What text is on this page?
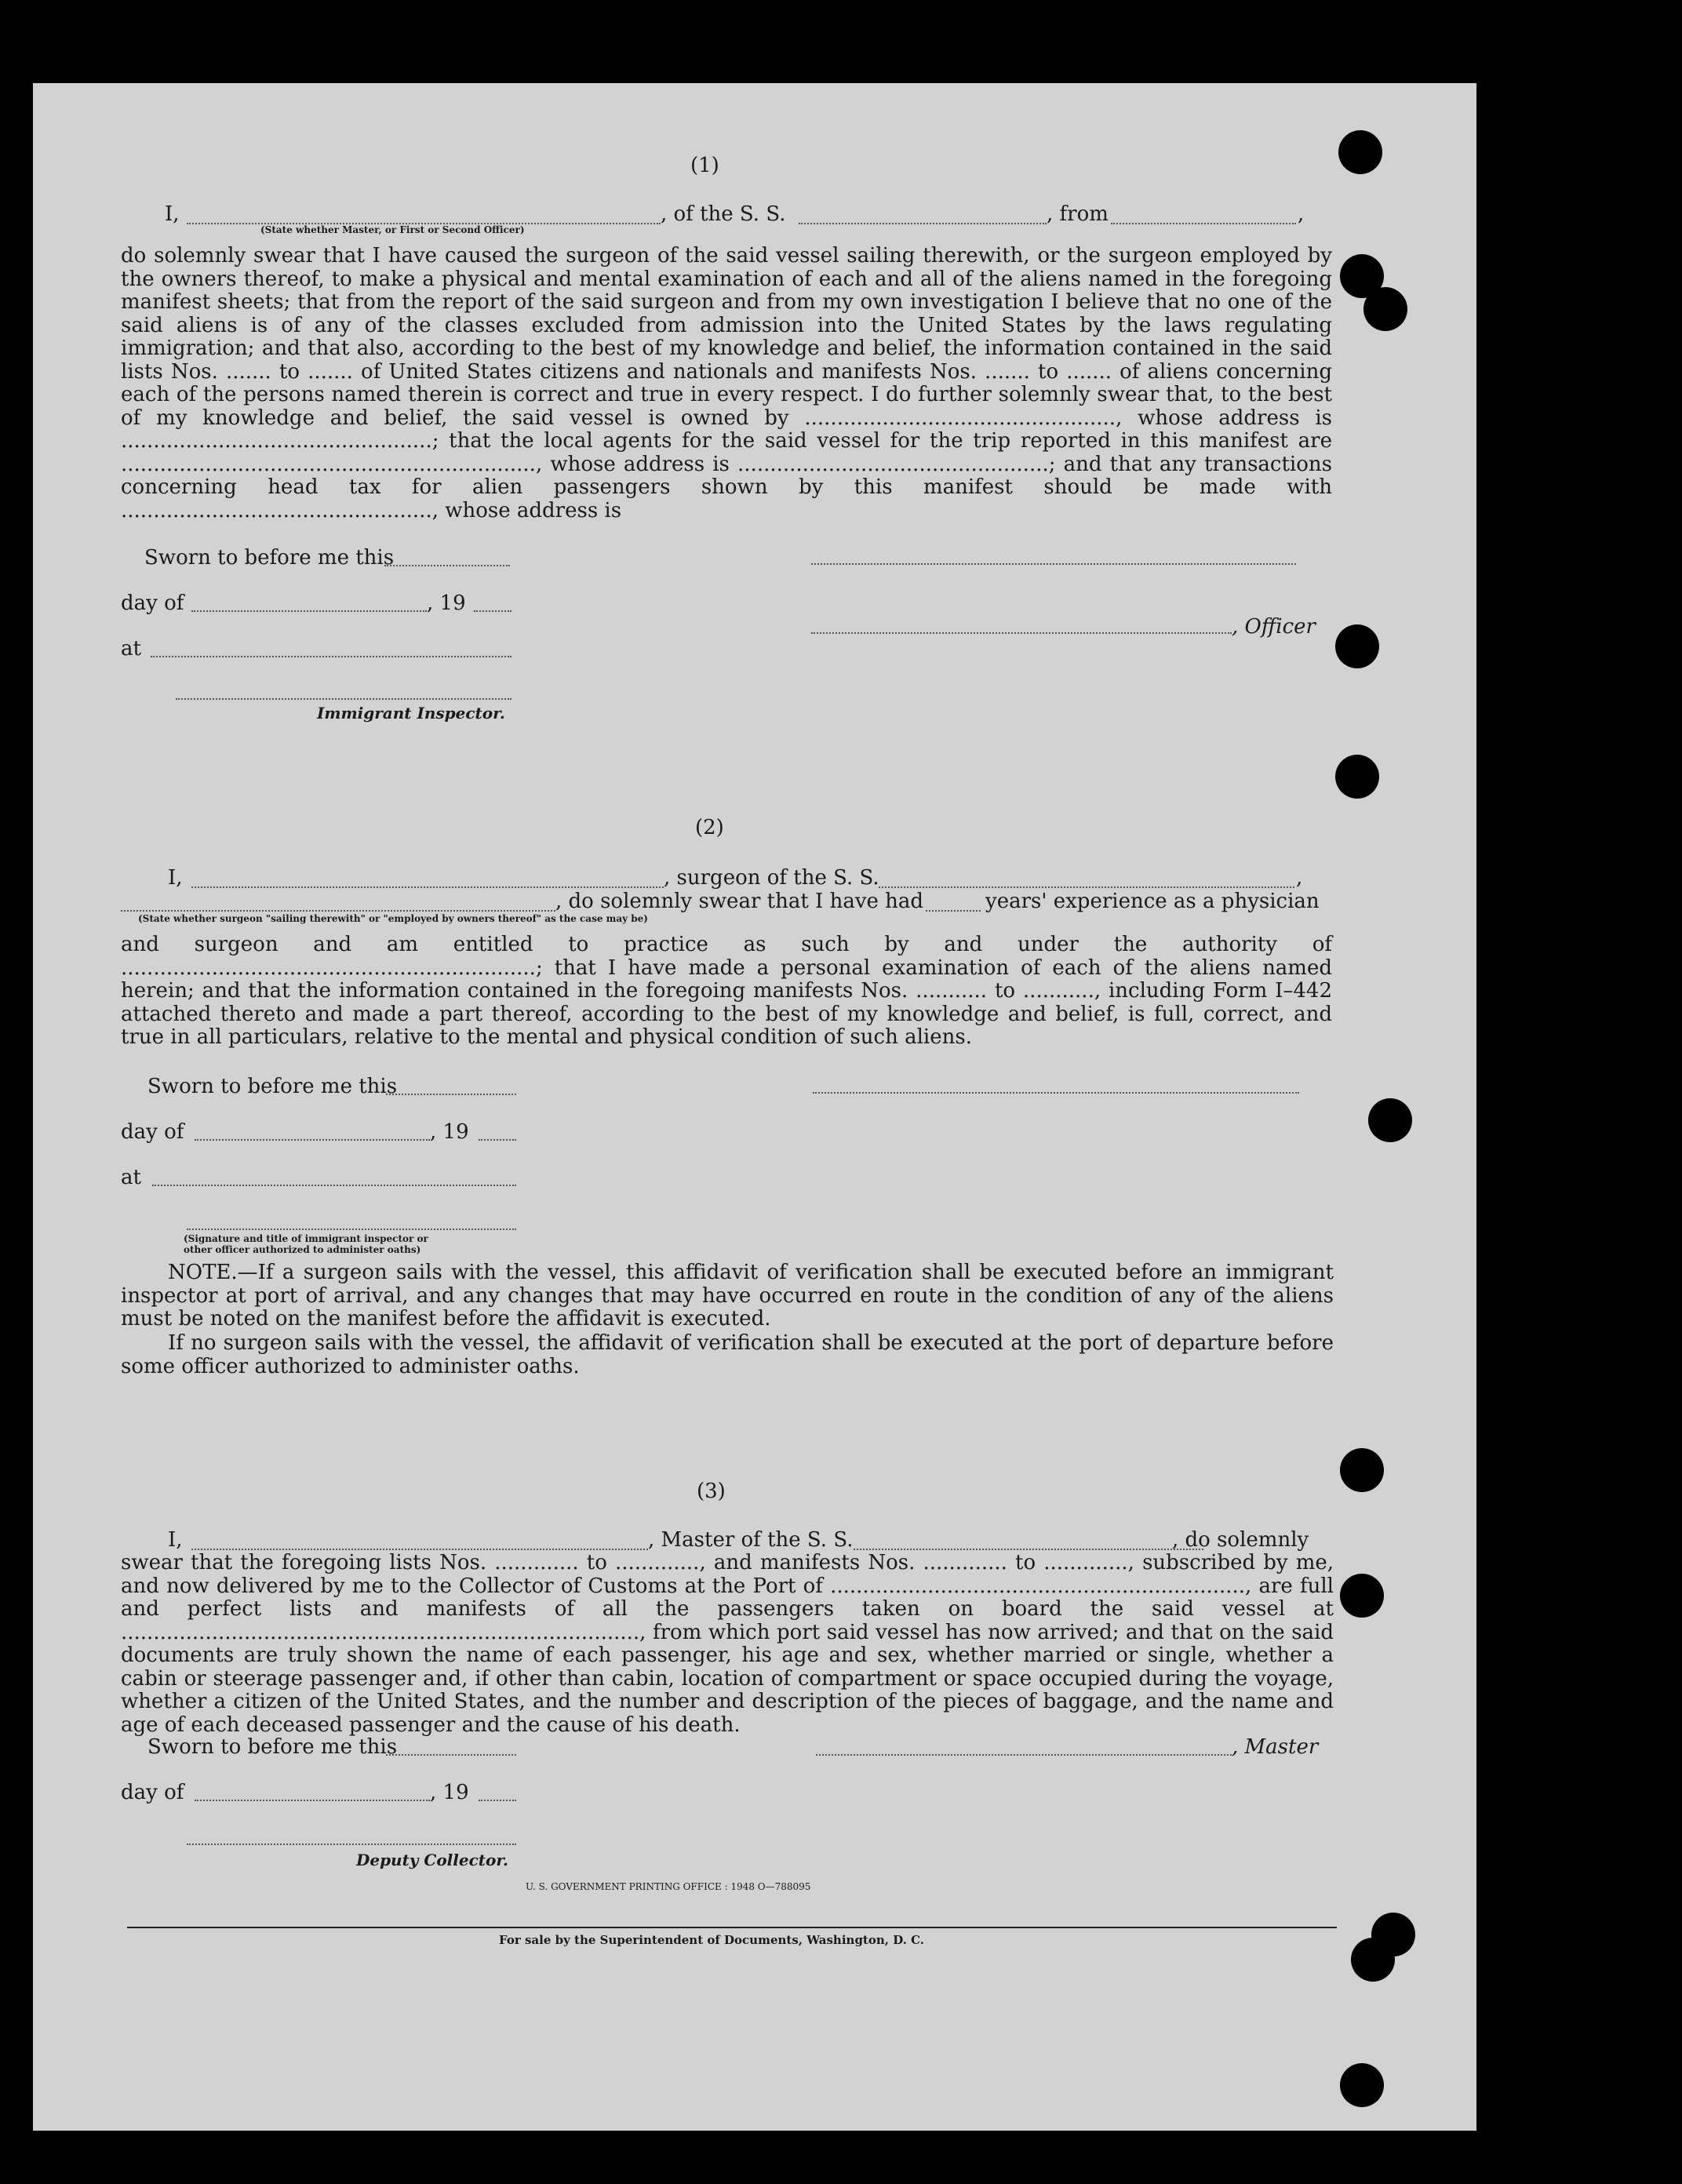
(1)
I,	, of the S. S.	, from	,
(State whether Master, or First or Second Officer)
do solemnly swear that I have caused the surgeon of the said vessel sailing therewith, or the surgeon employed by the owners thereof, to make a physical and mental examination of each and all of the aliens named in the foregoing manifest sheets; that from the report of the said surgeon and from my own investigation I believe that no one of the said aliens is of any of the classes excluded from admission into the United States by the laws regulating immigration; and that also, according to the best of my knowledge and belief, the information contained in the said lists Nos. ....... to ....... of United States citizens and nationals and manifests Nos. ....... to ....... of aliens concerning each of the persons named therein is correct and true in every respect. I do further solemnly swear that, to the best of my knowledge and belief, the said vessel is owned by ................................................, whose address is ................................................; that the local agents for the said vessel for the trip reported in this manifest are ................................................................, whose address is ................................................; and that any transactions concerning head tax for alien passengers shown by this manifest should be made with ................................................, whose address is
Sworn to before me this
day of	, 19
at
Immigrant Inspector.
, Officer
(2)
I,	, surgeon of the S. S.	,
, do solemnly swear that I have had	years' experience as a physician
(State whether surgeon "sailing therewith" or "employed by owners thereof" as the case may be)
and surgeon and am entitled to practice as such by and under the authority of ................................................................; that I have made a personal examination of each of the aliens named herein; and that the information contained in the foregoing manifests Nos. ........... to ..........., including Form I–442 attached thereto and made a part thereof, according to the best of my knowledge and belief, is full, correct, and true in all particulars, relative to the mental and physical condition of such aliens.
Sworn to before me this
day of	, 19
at
(Signature and title of immigrant inspector or
other officer authorized to administer oaths)
NOTE.—If a surgeon sails with the vessel, this affidavit of verification shall be executed before an immigrant inspector at port of arrival, and any changes that may have occurred en route in the condition of any of the aliens must be noted on the manifest before the affidavit is executed.
If no surgeon sails with the vessel, the affidavit of verification shall be executed at the port of departure before some officer authorized to administer oaths.
(3)
I,	, Master of the S. S.	, do solemnly
swear that the foregoing lists Nos. ............. to ............., and manifests Nos. ............. to ............., subscribed by me, and now delivered by me to the Collector of Customs at the Port of ................................................................, are full and perfect lists and manifests of all the passengers taken on board the said vessel at ................................................................................, from which port said vessel has now arrived; and that on the said documents are truly shown the name of each passenger, his age and sex, whether married or single, whether a cabin or steerage passenger and, if other than cabin, location of compartment or space occupied during the voyage, whether a citizen of the United States, and the number and description of the pieces of baggage, and the name and age of each deceased passenger and the cause of his death.
Sworn to before me this	, Master
day of	, 19
Deputy Collector.
U. S. GOVERNMENT PRINTING OFFICE : 1948 O—788095
For sale by the Superintendent of Documents, Washington, D. C.
